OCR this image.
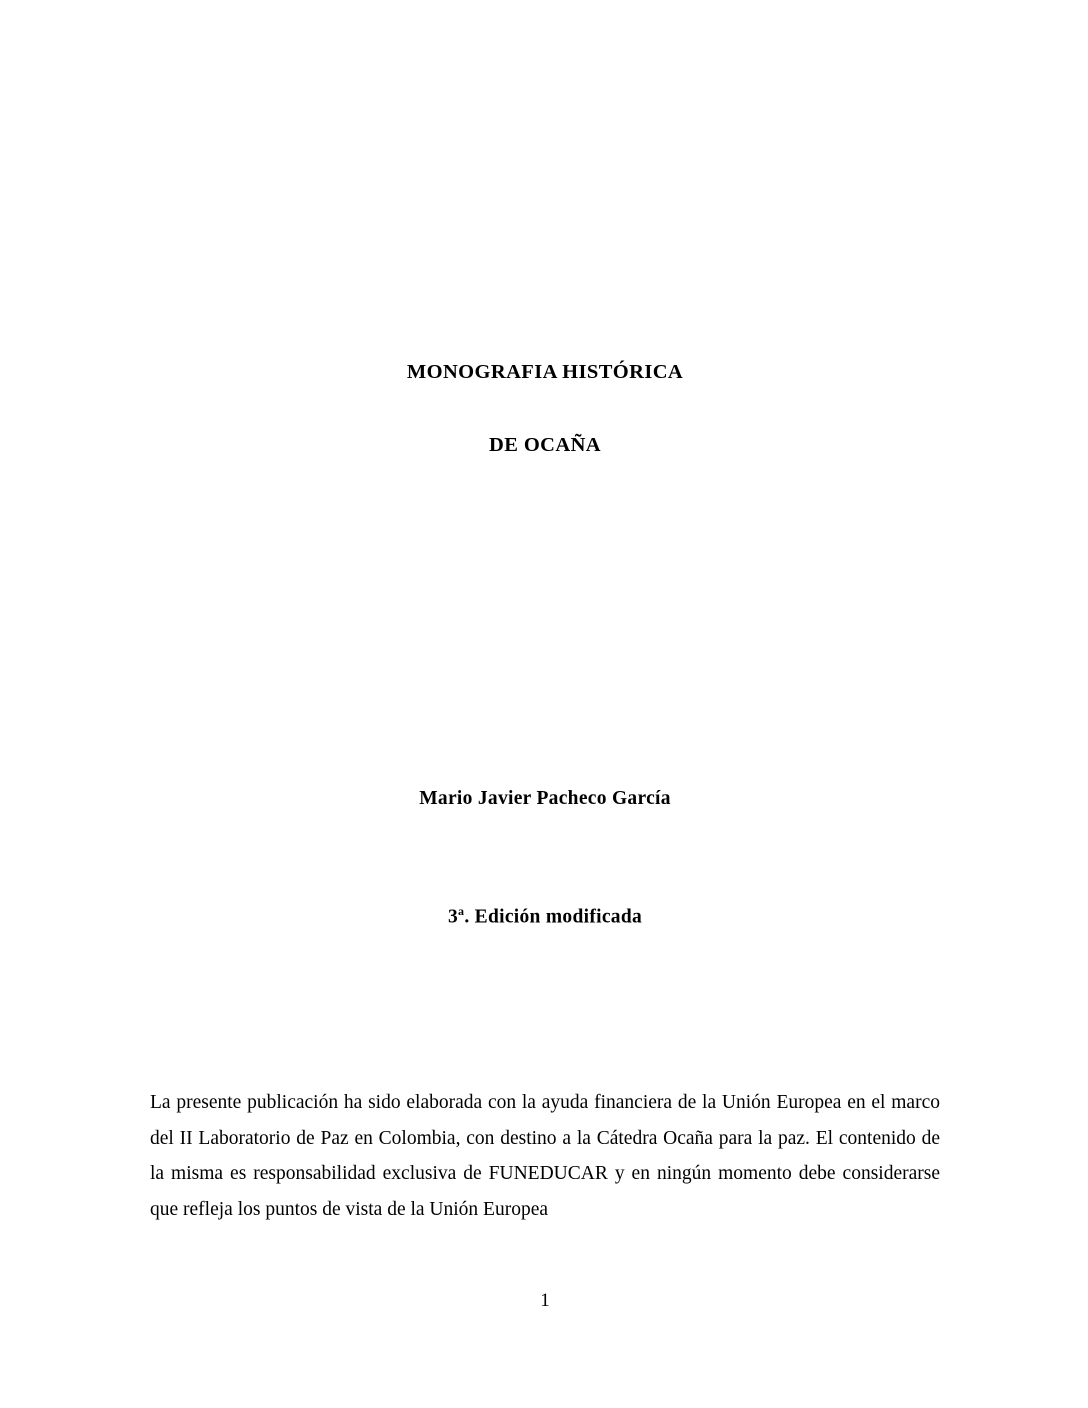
MONOGRAFIA HISTÓRICA
DE OCAÑA
Mario Javier Pacheco García
3$^a$. Edición modificada
La presente publicación ha sido elaborada con la ayuda financiera de la Unión Europea en el marco del II Laboratorio de Paz en Colombia, con destino a la Cátedra Ocaña para la paz. El contenido de la misma es responsabilidad exclusiva de FUNEDUCAR y en ningún momento debe considerarse que refleja los puntos de vista de la Unión Europea
1
